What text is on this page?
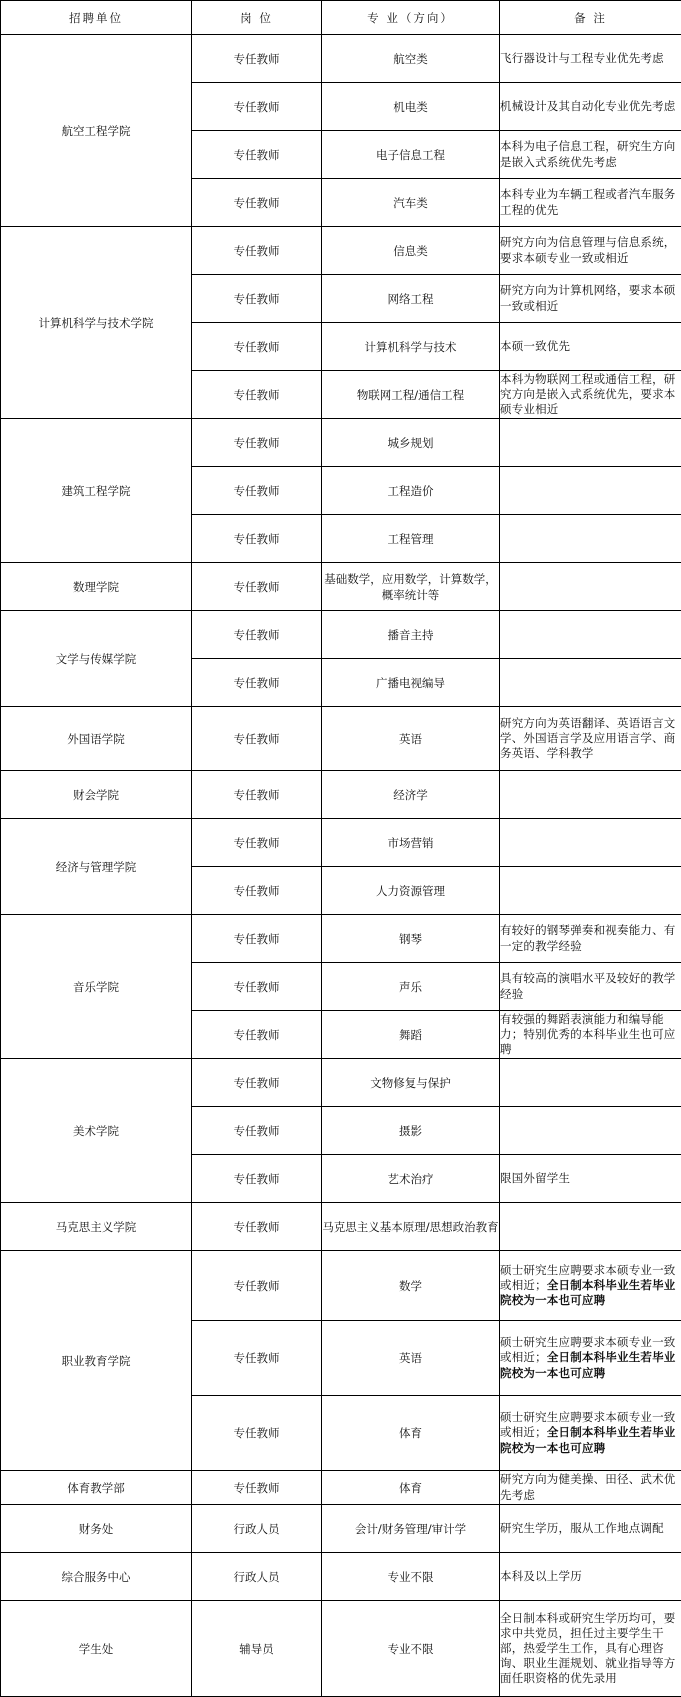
招聘单位	岗 位	专 业（方向）	备 注
航空工程学院	专任教师	航空类	飞行器设计与工程专业优先考虑
	专任教师	机电类	机械设计及其自动化专业优先考虑
	专任教师	电子信息工程	本科为电子信息工程，研究生方向是嵌入式系统优先考虑
	专任教师	汽车类	本科专业为车辆工程或者汽车服务工程的优先
计算机科学与技术学院	专任教师	信息类	研究方向为信息管理与信息系统，要求本硕专业一致或相近
	专任教师	网络工程	研究方向为计算机网络，要求本硕一致或相近
	专任教师	计算机科学与技术	本硕一致优先
	专任教师	物联网工程/通信工程	本科为物联网工程或通信工程，研究方向是嵌入式系统优先，要求本硕专业相近
建筑工程学院	专任教师	城乡规划	
	专任教师	工程造价	
	专任教师	工程管理	
数理学院	专任教师	基础数学，应用数学，计算数学，概率统计等	
文学与传媒学院	专任教师	播音主持	
	专任教师	广播电视编导	
外国语学院	专任教师	英语	研究方向为英语翻译、英语语言文学、外国语言学及应用语言学、商务英语、学科教学
财会学院	专任教师	经济学	
经济与管理学院	专任教师	市场营销	
	专任教师	人力资源管理	
音乐学院	专任教师	钢琴	有较好的钢琴弹奏和视奏能力、有一定的教学经验
	专任教师	声乐	具有较高的演唱水平及较好的教学经验
	专任教师	舞蹈	有较强的舞蹈表演能力和编导能力；特别优秀的本科毕业生也可应聘
美术学院	专任教师	文物修复与保护	
	专任教师	摄影	
	专任教师	艺术治疗	限国外留学生
马克思主义学院	专任教师	马克思主义基本原理/思想政治教育	
职业教育学院	专任教师	数学	硕士研究生应聘要求本硕专业一致或相近；全日制本科毕业生若毕业院校为一本也可应聘
	专任教师	英语	硕士研究生应聘要求本硕专业一致或相近；全日制本科毕业生若毕业院校为一本也可应聘
	专任教师	体育	硕士研究生应聘要求本硕专业一致或相近；全日制本科毕业生若毕业院校为一本也可应聘
体育教学部	专任教师	体育	研究方向为健美操、田径、武术优先考虑
财务处	行政人员	会计/财务管理/审计学	研究生学历，服从工作地点调配
综合服务中心	行政人员	专业不限	本科及以上学历
学生处	辅导员	专业不限	全日制本科或研究生学历均可，要求中共党员，担任过主要学生干部，热爱学生工作，具有心理咨询、职业生涯规划、就业指导等方面任职资格的优先录用
